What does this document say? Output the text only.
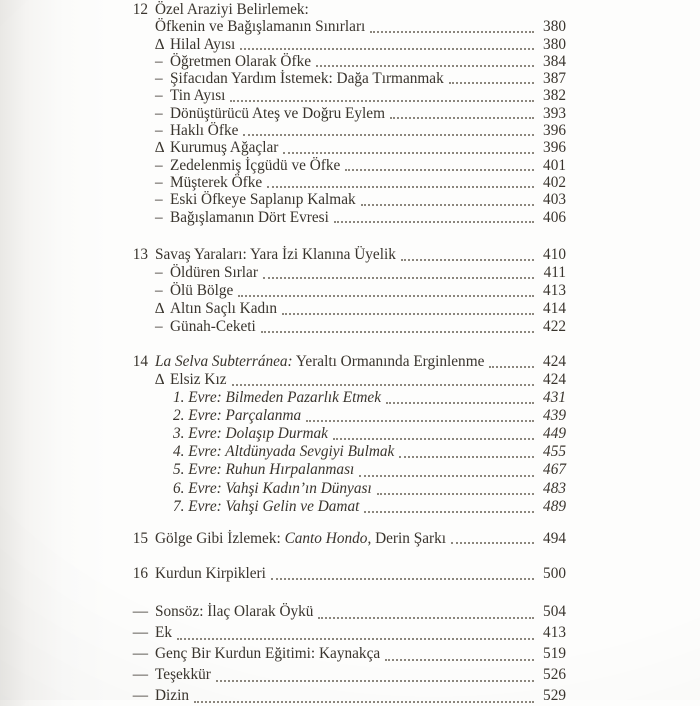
12 Özel Araziyi Belirlemek:
Öfkenin ve Bağışlamanın Sınırları	380
∆ Hilal Ayısı	380
– Öğretmen Olarak Öfke	384
– Şifacıdan Yardım İstemek: Dağa Tırmanmak	387
– Tin Ayısı	382
– Dönüştürücü Ateş ve Doğru Eylem	393
– Haklı Öfke	396
∆ Kurumuş Ağaçlar	396
– Zedelenmiş İçgüdü ve Öfke	401
– Müşterek Öfke	402
– Eski Öfkeye Saplanıp Kalmak	403
– Bağışlamanın Dört Evresi	406
13 Savaş Yaraları: Yara İzi Klanına Üyelik	410
– Öldüren Sırlar	411
– Ölü Bölge	413
∆ Altın Saçlı Kadın	414
– Günah-Ceketi	422
14 La Selva Subterránea: Yeraltı Ormanında Erginlenme	424
∆ Elsiz Kız	424
1. Evre: Bilmeden Pazarlık Etmek	431
2. Evre: Parçalanma	439
3. Evre: Dolaşıp Durmak	449
4. Evre: Altdünyada Sevgiyi Bulmak	455
5. Evre: Ruhun Hırpalanması	467
6. Evre: Vahşi Kadın’ın Dünyası	483
7. Evre: Vahşi Gelin ve Damat	489
15 Gölge Gibi İzlemek: Canto Hondo, Derin Şarkı	494
16 Kurdun Kirpikleri	500
— Sonsöz: İlaç Olarak Öykü	504
— Ek	413
— Genç Bir Kurdun Eğitimi: Kaynakça	519
— Teşekkür	526
— Dizin	529
